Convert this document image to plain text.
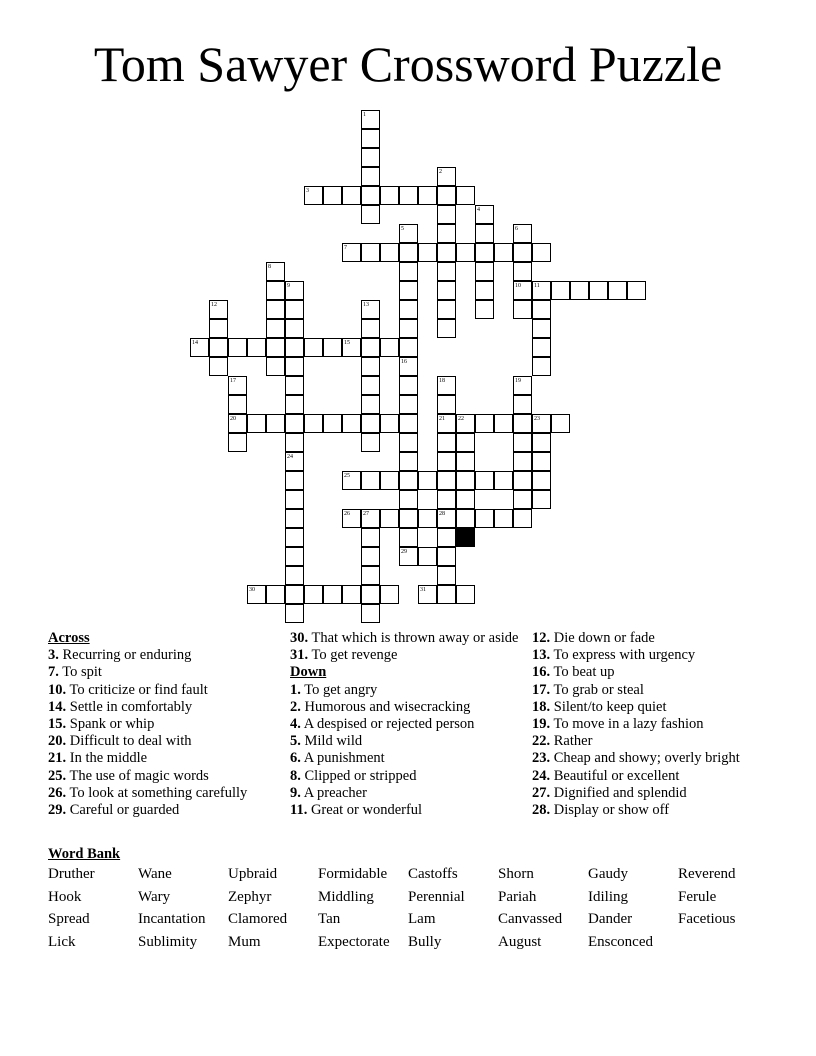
Tom Sawyer Crossword Puzzle
1
2
3
4
5
16
6
10
7
8
9
24
11
12	13
14	15
17
20
18
21
28
19
22	23
25
26 27
29
30	31
Across
3. Recurring or enduring
7. To spit
10. To criticize or find fault
14. Settle in comfortably
15. Spank or whip
20. Difficult to deal with
21. In the middle
25. The use of magic words
26. To look at something carefully
29. Careful or guarded
30. That which is thrown away or aside
31. To get revenge
Down
1. To get angry
2. Humorous and wisecracking
4. A despised or rejected person
5. Mild wild
6. A punishment
8. Clipped or stripped
9. A preacher
11. Great or wonderful
12. Die down or fade
13. To express with urgency
16. To beat up
17. To grab or steal
18. Silent/to keep quiet
19. To move in a lazy fashion
22. Rather
23. Cheap and showy; overly bright
24. Beautiful or excellent
27. Dignified and splendid
28. Display or show off
Word Bank
Druther	Wane	Upbraid	Formidable	Castoffs	Shorn	Gaudy	Reverend
Hook	Wary	Zephyr	Middling	Perennial	Pariah	Idiling	Ferule
Spread	Incantation	Clamored	Tan	Lam	Canvassed	Dander	Facetious
Lick	Sublimity	Mum	Expectorate	Bully	August	Ensconced
